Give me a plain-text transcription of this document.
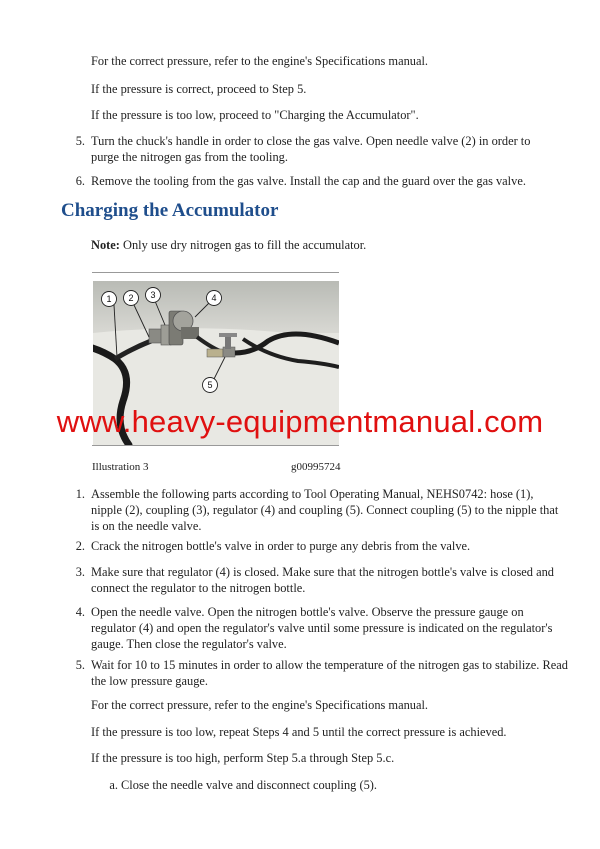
For the correct pressure, refer to the engine's Specifications manual.

If the pressure is correct, proceed to Step 5.

If the pressure is too low, proceed to "Charging the Accumulator".

5. Turn the chuck's handle in order to close the gas valve. Open needle valve (2) in order to purge the nitrogen gas from the tooling.

6. Remove the tooling from the gas valve. Install the cap and the guard over the gas valve.

Charging the Accumulator

Note: Only use dry nitrogen gas to fill the accumulator.

1 2 3	4
5
www.heavy-equipmentmanual.com
Illustration 3	g00995724
1. Assemble the following parts according to Tool Operating Manual, NEHS0742: hose (1), nipple (2), coupling (3), regulator (4) and coupling (5). Connect coupling (5) to the nipple that is on the needle valve.

2. Crack the nitrogen bottle's valve in order to purge any debris from the valve.

3. Make sure that regulator (4) is closed. Make sure that the nitrogen bottle's valve is closed and connect the regulator to the nitrogen bottle.

4. Open the needle valve. Open the nitrogen bottle's valve. Observe the pressure gauge on regulator (4) and open the regulator's valve until some pressure is indicated on the regulator's gauge. Then close the regulator's valve.

5. Wait for 10 to 15 minutes in order to allow the temperature of the nitrogen gas to stabilize. Read the low pressure gauge.

For the correct pressure, refer to the engine's Specifications manual.

If the pressure is too low, repeat Steps 4 and 5 until the correct pressure is achieved.

If the pressure is too high, perform Step 5.a through Step 5.c.

a. Close the needle valve and disconnect coupling (5).
